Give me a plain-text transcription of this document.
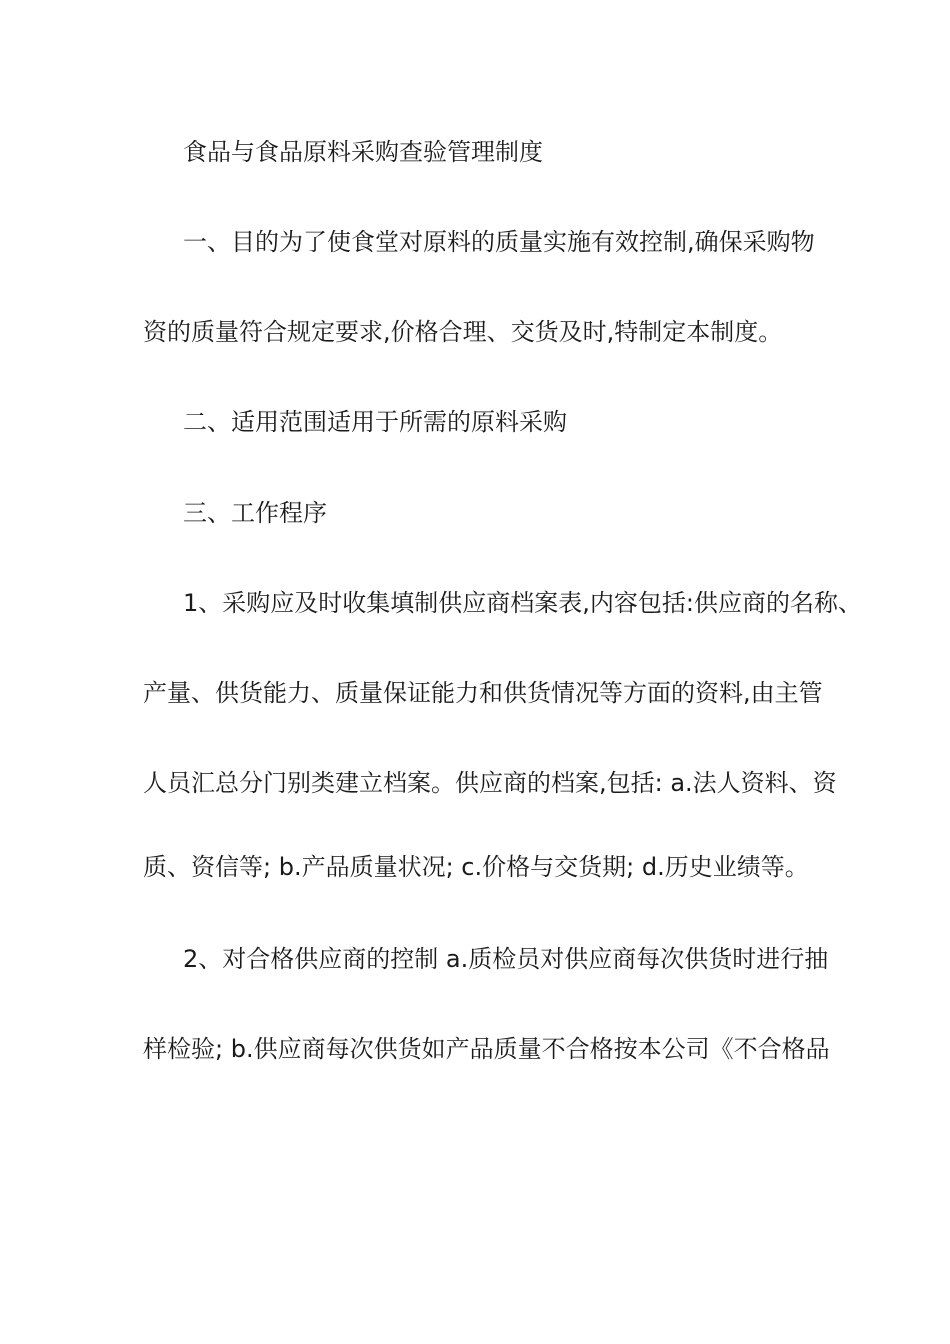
食品与食品原料采购查验管理制度
一、目的为了使食堂对原料的质量实施有效控制,确保采购物
资的质量符合规定要求,价格合理、交货及时,特制定本制度。
二、适用范围适用于所需的原料采购
三、工作程序
1、采购应及时收集填制供应商档案表,内容包括:供应商的名称、
产量、供货能力、质量保证能力和供货情况等方面的资料,由主管
人员汇总分门别类建立档案。供应商的档案,包括: a.法人资料、资
质、资信等; b.产品质量状况; c.价格与交货期; d.历史业绩等。
2、对合格供应商的控制 a.质检员对供应商每次供货时进行抽
样检验; b.供应商每次供货如产品质量不合格按本公司《不合格品
